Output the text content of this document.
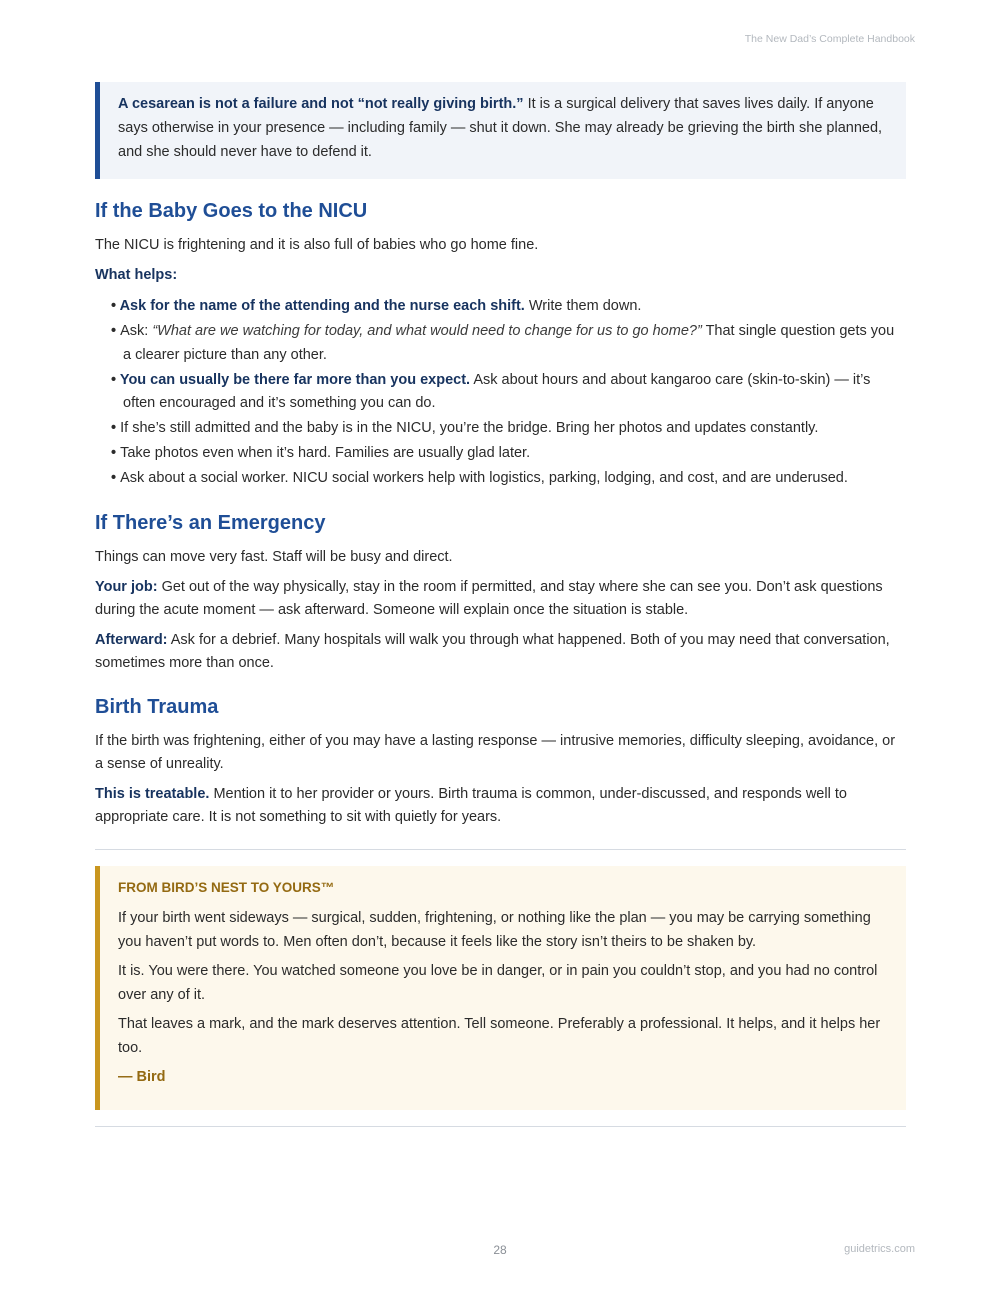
The New Dad’s Complete Handbook
A cesarean is not a failure and not “not really giving birth.” It is a surgical delivery that saves lives daily. If anyone says otherwise in your presence — including family — shut it down. She may already be grieving the birth she planned, and she should never have to defend it.
If the Baby Goes to the NICU

The NICU is frightening and it is also full of babies who go home fine.

What helps:
• Ask for the name of the attending and the nurse each shift. Write them down.
• Ask: “What are we watching for today, and what would need to change for us to go home?” That single question gets you a clearer picture than any other.
• You can usually be there far more than you expect. Ask about hours and about kangaroo care (skin-to-skin) — it’s often encouraged and it’s something you can do.
• If she’s still admitted and the baby is in the NICU, you’re the bridge. Bring her photos and updates constantly.
• Take photos even when it’s hard. Families are usually glad later.
• Ask about a social worker. NICU social workers help with logistics, parking, lodging, and cost, and are underused.
If There’s an Emergency

Things can move very fast. Staff will be busy and direct.

Your job: Get out of the way physically, stay in the room if permitted, and stay where she can see you. Don’t ask questions during the acute moment — ask afterward. Someone will explain once the situation is stable.

Afterward: Ask for a debrief. Many hospitals will walk you through what happened. Both of you may need that conversation, sometimes more than once.

Birth Trauma

If the birth was frightening, either of you may have a lasting response — intrusive memories, difficulty sleeping, avoidance, or a sense of unreality.

This is treatable. Mention it to her provider or yours. Birth trauma is common, under-discussed, and responds well to appropriate care. It is not something to sit with quietly for years.

FROM BIRD’S NEST TO YOURS™

If your birth went sideways — surgical, sudden, frightening, or nothing like the plan — you may be carrying something you haven’t put words to. Men often don’t, because it feels like the story isn’t theirs to be shaken by.

It is. You were there. You watched someone you love be in danger, or in pain you couldn’t stop, and you had no control over any of it.

That leaves a mark, and the mark deserves attention. Tell someone. Preferably a professional. It helps, and it helps her too.

— Bird

28	guidetrics.com
